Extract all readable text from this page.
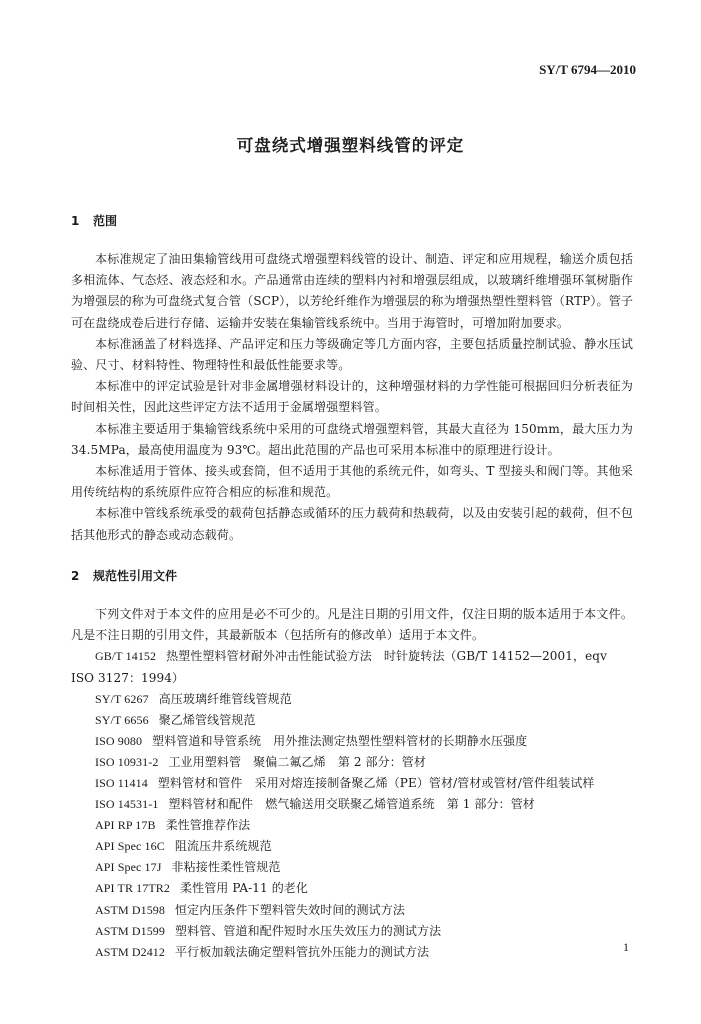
SY/T 6794—2010
可盘绕式增强塑料线管的评定
1 范围

本标准规定了油田集输管线用可盘绕式增强塑料线管的设计、制造、评定和应用规程，输送介质包括多相流体、气态烃、液态烃和水。产品通常由连续的塑料内衬和增强层组成，以玻璃纤维增强环氧树脂作为增强层的称为可盘绕式复合管（SCP），以芳纶纤维作为增强层的称为增强热塑性塑料管（RTP）。管子可在盘绕成卷后进行存储、运输并安装在集输管线系统中。当用于海管时，可增加附加要求。

本标准涵盖了材料选择、产品评定和压力等级确定等几方面内容，主要包括质量控制试验、静水压试验、尺寸、材料特性、物理特性和最低性能要求等。

本标准中的评定试验是针对非金属增强材料设计的，这种增强材料的力学性能可根据回归分析表征为时间相关性，因此这些评定方法不适用于金属增强塑料管。

本标准主要适用于集输管线系统中采用的可盘绕式增强塑料管，其最大直径为 150mm，最大压力为 34.5MPa，最高使用温度为 93℃。超出此范围的产品也可采用本标准中的原理进行设计。

本标准适用于管体、接头或套筒，但不适用于其他的系统元件，如弯头、T 型接头和阀门等。其他采用传统结构的系统原件应符合相应的标准和规范。

本标准中管线系统承受的载荷包括静态或循环的压力载荷和热载荷，以及由安装引起的载荷，但不包括其他形式的静态或动态载荷。

2 规范性引用文件

下列文件对于本文件的应用是必不可少的。凡是注日期的引用文件，仅注日期的版本适用于本文件。凡是不注日期的引用文件，其最新版本（包括所有的修改单）适用于本文件。

GB/T 14152 热塑性塑料管材耐外冲击性能试验方法　时针旋转法（GB/T 14152—2001，eqv ISO 3127：1994）
SY/T 6267 高压玻璃纤维管线管规范
SY/T 6656 聚乙烯管线管规范
ISO 9080 塑料管道和导管系统　用外推法测定热塑性塑料管材的长期静水压强度
ISO 10931-2 工业用塑料管　聚偏二氟乙烯　第 2 部分：管材
ISO 11414 塑料管材和管件　采用对熔连接制备聚乙烯（PE）管材/管材或管材/管件组装试样
ISO 14531-1 塑料管材和配件　燃气输送用交联聚乙烯管道系统　第 1 部分：管材
API RP 17B 柔性管推荐作法
API Spec 16C 阻流压井系统规范
API Spec 17J 非粘接性柔性管规范
API TR 17TR2 柔性管用 PA-11 的老化
ASTM D1598 恒定内压条件下塑料管失效时间的测试方法
ASTM D1599 塑料管、管道和配件短时水压失效压力的测试方法
ASTM D2412 平行板加载法确定塑料管抗外压能力的测试方法	1
